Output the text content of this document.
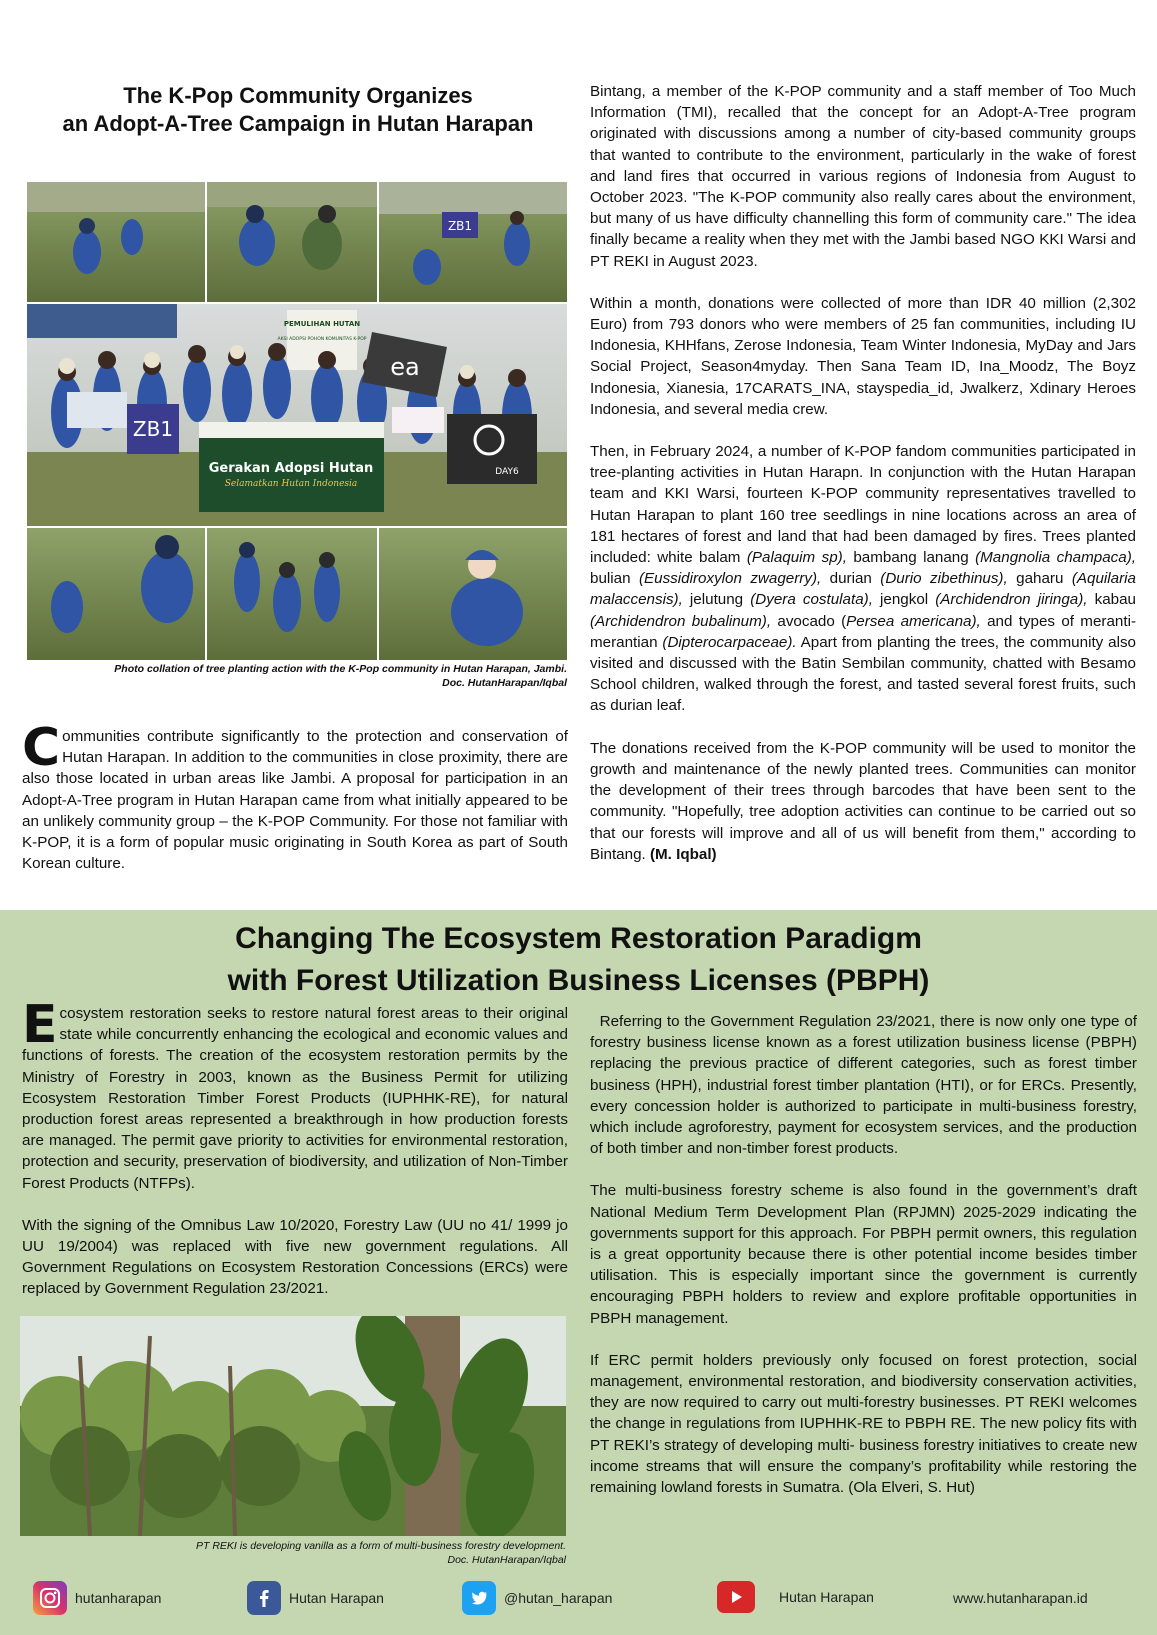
The K-Pop Community Organizes
an Adopt-A-Tree Campaign in Hutan Harapan
ZB1
PEMULIHAN HUTAN
AKSI ADOPSI POHON KOMUNITAS K-POP
ZB1
ea
DAY6
Gerakan Adopsi Hutan
Selamatkan Hutan Indonesia
Photo collation of tree planting action with the K-Pop community in Hutan Harapan, Jambi.
Doc. HutanHarapan/Iqbal
Communities contribute significantly to the protection and conservation of Hutan Harapan. In addition to the communities in close proximity, there are also those located in urban areas like Jambi. A proposal for participation in an Adopt-A-Tree program in Hutan Harapan came from what initially appeared to be an unlikely community group – the K-POP Community. For those not familiar with K-POP, it is a form of popular music originating in South Korea as part of South Korean culture.

Bintang, a member of the K-POP community and a staff member of Too Much Information (TMI), recalled that the concept for an Adopt-A-Tree program originated with discussions among a number of city-based community groups that wanted to contribute to the environment, particularly in the wake of forest and land fires that occurred in various regions of Indonesia from August to October 2023. "The K-POP community also really cares about the environment, but many of us have difficulty channelling this form of community care." The idea finally became a reality when they met with the Jambi based NGO KKI Warsi and PT REKI in August 2023.

Within a month, donations were collected of more than IDR 40 million (2,302 Euro) from 793 donors who were members of 25 fan communities, including IU Indonesia, KHHfans, Zerose Indonesia, Team Winter Indonesia, MyDay and Jars Social Project, Season4myday. Then Sana Team ID, Ina_Moodz, The Boyz Indonesia, Xianesia, 17CARATS_INA, stayspedia_id, Jwalkerz, Xdinary Heroes Indonesia, and several media crew.

Then, in February 2024, a number of K-POP fandom communities participated in tree-planting activities in Hutan Harapn. In conjunction with the Hutan Harapan team and KKI Warsi, fourteen K-POP community representatives travelled to Hutan Harapan to plant 160 tree seedlings in nine locations across an area of 181 hectares of forest and land that had been damaged by fires. Trees planted included: white balam (Palaquim sp), bambang lanang (Mangnolia champaca), bulian (Eussidiroxylon zwagerry), durian (Durio zibethinus), gaharu (Aquilaria malaccensis), jelutung (Dyera costulata), jengkol (Archidendron jiringa), kabau (Archidendron bubalinum), avocado (Persea americana), and types of meranti-merantian (Dipterocarpaceae). Apart from planting the trees, the community also visited and discussed with the Batin Sembilan community, chatted with Besamo School children, walked through the forest, and tasted several forest fruits, such as durian leaf.

The donations received from the K-POP community will be used to monitor the growth and maintenance of the newly planted trees. Communities can monitor the development of their trees through barcodes that have been sent to the community. "Hopefully, tree adoption activities can continue to be carried out so that our forests will improve and all of us will benefit from them," according to Bintang. (M. Iqbal)

Changing The Ecosystem Restoration Paradigm
with Forest Utilization Business Licenses (PBPH)

Ecosystem restoration seeks to restore natural forest areas to their original state while concurrently enhancing the ecological and economic values and functions of forests. The creation of the ecosystem restoration permits by the Ministry of Forestry in 2003, known as the Business Permit for utilizing Ecosystem Restoration Timber Forest Products (IUPHHK-RE), for natural production forest areas represented a breakthrough in how production forests are managed. The permit gave priority to activities for environmental restoration, protection and security, preservation of biodiversity, and utilization of Non-Timber Forest Products (NTFPs).

With the signing of the Omnibus Law 10/2020, Forestry Law (UU no 41/ 1999 jo UU 19/2004) was replaced with five new government regulations. All Government Regulations on Ecosystem Restoration Concessions (ERCs) were replaced by Government Regulation 23/2021.

PT REKI is developing vanilla as a form of multi-business forestry development.
Doc. HutanHarapan/Iqbal

Referring to the Government Regulation 23/2021, there is now only one type of forestry business license known as a forest utilization business license (PBPH) replacing the previous practice of different categories, such as forest timber business (HPH), industrial forest timber plantation (HTI), or for ERCs. Presently, every concession holder is authorized to participate in multi-business forestry, which include agroforestry, payment for ecosystem services, and the production of both timber and non-timber forest products.

The multi-business forestry scheme is also found in the government’s draft National Medium Term Development Plan (RPJMN) 2025-2029 indicating the governments support for this approach. For PBPH permit owners, this regulation is a great opportunity because there is other potential income besides timber utilisation. This is especially important since the government is currently encouraging PBPH holders to review and explore profitable opportunities in PBPH management.

If ERC permit holders previously only focused on forest protection, social management, environmental restoration, and biodiversity conservation activities, they are now required to carry out multi-forestry businesses. PT REKI welcomes the change in regulations from IUPHHK-RE to PBPH RE. The new policy fits with PT REKI’s strategy of developing multi- business forestry initiatives to create new income streams that will ensure the company’s profitability while restoring the remaining lowland forests in Sumatra. (Ola Elveri, S. Hut)

hutanharapan	Hutan Harapan	@hutan_harapan	Hutan Harapan	www.hutanharapan.id
